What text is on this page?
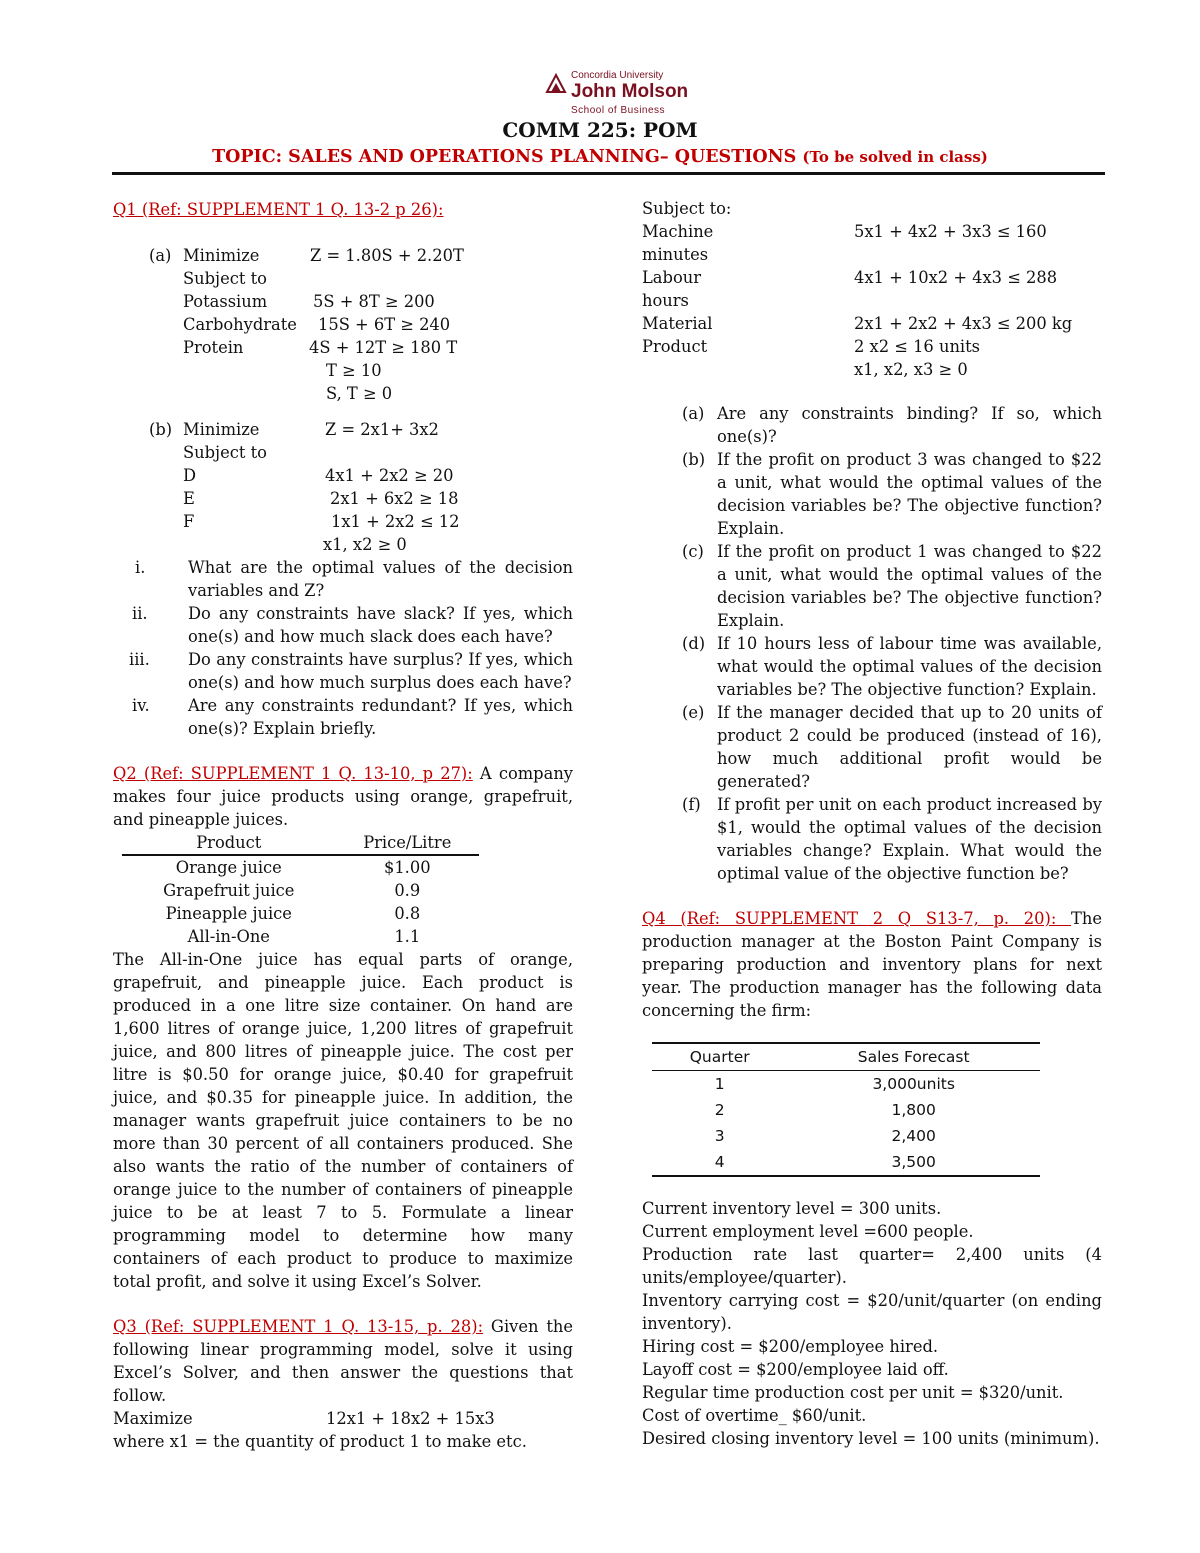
Concordia University
John Molson
School of Business
COMM 225: POM
TOPIC: SALES AND OPERATIONS PLANNING– QUESTIONS (To be solved in class)

Q1 (Ref: SUPPLEMENT 1 Q. 13-2 p 26):

(a) Minimize	Z = 1.80S + 2.20T
Subject to
Potassium	5S + 8T ≥ 200
Carbohydrate 15S + 6T ≥ 240
Protein	4S + 12T ≥ 180 T
T ≥ 10
S, T ≥ 0
(b) Minimize	Z = 2x1+ 3x2
Subject to
D	4x1 + 2x2 ≥ 20
E	2x1 + 6x2 ≥ 18
F	1x1 + 2x2 ≤ 12
x1, x2 ≥ 0
i.	What are the optimal values of the decision variables and Z?
ii. Do any constraints have slack? If yes, which one(s) and how much slack does each have?
iii. Do any constraints have surplus? If yes, which one(s) and how much surplus does each have?
iv. Are any constraints redundant? If yes, which one(s)? Explain briefly.

Q2 (Ref: SUPPLEMENT 1 Q. 13-10, p 27): A company makes four juice products using orange, grapefruit, and pineapple juices.

Product	Price/Litre
Orange juice	$1.00
Grapefruit juice	0.9
Pineapple juice	0.8
All-in-One	1.1

The All-in-One juice has equal parts of orange, grapefruit, and pineapple juice. Each product is produced in a one litre size container. On hand are 1,600 litres of orange juice, 1,200 litres of grapefruit juice, and 800 litres of pineapple juice. The cost per litre is $0.50 for orange juice, $0.40 for grapefruit juice, and $0.35 for pineapple juice. In addition, the manager wants grapefruit juice containers to be no more than 30 percent of all containers produced. She also wants the ratio of the number of containers of orange juice to the number of containers of pineapple juice to be at least 7 to 5. Formulate a linear programming model to determine how many containers of each product to produce to maximize total profit, and solve it using Excel’s Solver.

Q3 (Ref: SUPPLEMENT 1 Q. 13-15, p. 28): Given the following linear programming model, solve it using Excel’s Solver, and then answer the questions that follow.

Maximize	12x1 + 18x2 + 15x3

where x1 = the quantity of product 1 to make etc.

Subject to:

Machine	5x1 + 4x2 + 3x3 ≤ 160
minutes
Labour	4x1 + 10x2 + 4x3 ≤ 288
hours
Material	2x1 + 2x2 + 4x3 ≤ 200 kg
Product	2 x2 ≤ 16 units
x1, x2, x3 ≥ 0
(a) Are any constraints binding? If so, which one(s)?
(b) If the profit on product 3 was changed to $22 a unit, what would the optimal values of the decision variables be? The objective function? Explain.
(c) If the profit on product 1 was changed to $22 a unit, what would the optimal values of the decision variables be? The objective function? Explain.
(d) If 10 hours less of labour time was available, what would the optimal values of the decision variables be? The objective function? Explain.
(e) If the manager decided that up to 20 units of product 2 could be produced (instead of 16), how much additional profit would be generated?
(f) If profit per unit on each product increased by $1, would the optimal values of the decision variables change? Explain. What would the optimal value of the objective function be?

Q4 (Ref: SUPPLEMENT 2 Q S13-7, p. 20): The production manager at the Boston Paint Company is preparing production and inventory plans for next year. The production manager has the following data concerning the firm:

Quarter	Sales Forecast
1	3,000units
2	1,800
3	2,400
4	3,500

Current inventory level = 300 units.

Current employment level =600 people.

Production rate last quarter= 2,400 units (4 units/employee/quarter).

Inventory carrying cost = $20/unit/quarter (on ending inventory).

Hiring cost = $200/employee hired.

Layoff cost = $200/employee laid off.

Regular time production cost per unit = $320/unit.

Cost of overtime_ $60/unit.

Desired closing inventory level = 100 units (minimum).
